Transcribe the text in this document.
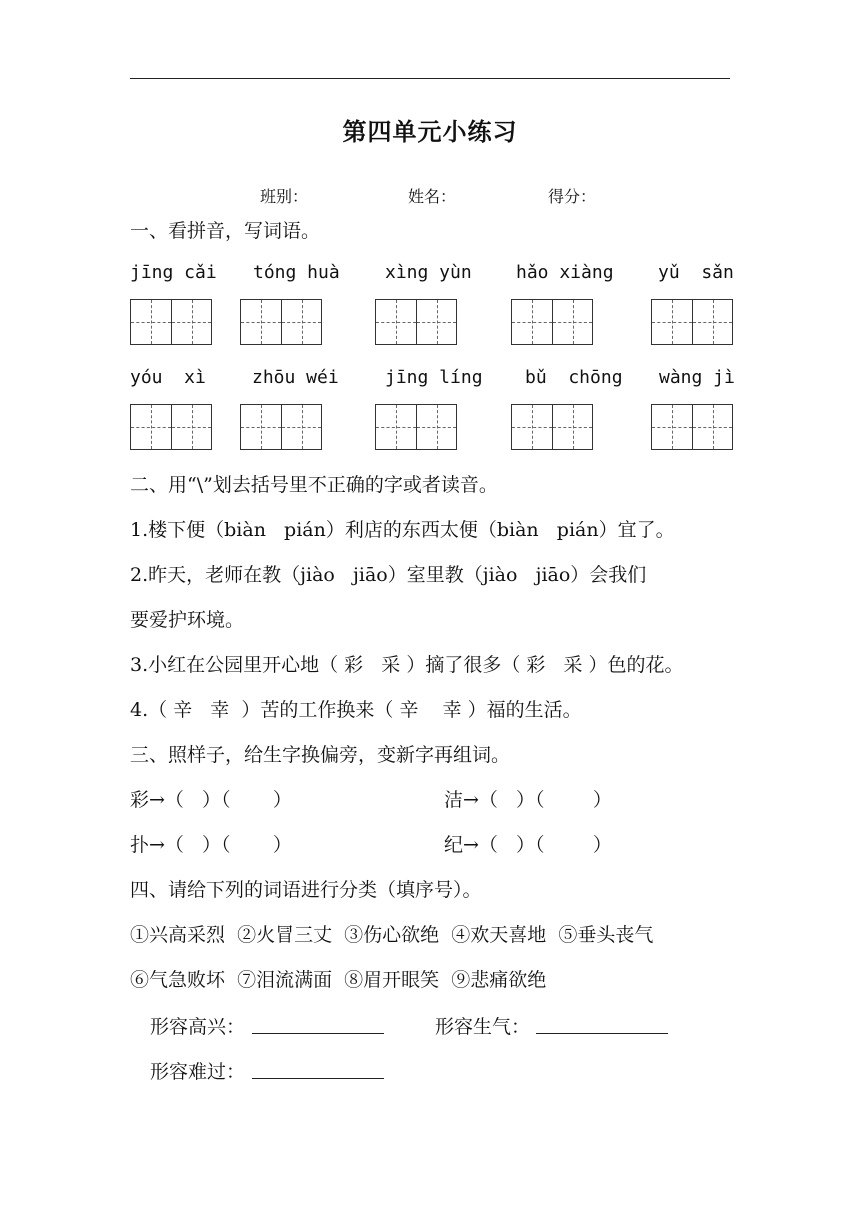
第四单元小练习
班别：	姓名：	得分：
一、看拼音，写词语。
jīng cǎi tóng huà	xìng yùn hǎo xiàng yǔ  sǎn
yóu  xì	zhōu wéi	jīng líng bǔ  chōng wàng jì
二、用“\”划去括号里不正确的字或者读音。
1.楼下便（biàn   pián）利店的东西太便（biàn   pián）宜了。
2.昨天，老师在教（jiào   jiāo）室里教（jiào   jiāo）会我们
要爱护环境。
3.小红在公园里开心地（ 彩   采 ）摘了很多（ 彩   采 ）色的花。
4.（ 辛   幸  ）苦的工作换来（ 辛    幸 ）福的生活。
三、照样子，给生字换偏旁，变新字再组词。
彩→（   ）（       ）	洁→（   ）（        ）
扑→（   ）（       ）	纪→（   ）（        ）
四、请给下列的词语进行分类（填序号）。
①兴高采烈  ②火冒三丈  ③伤心欲绝  ④欢天喜地  ⑤垂头丧气
⑥气急败坏  ⑦泪流满面  ⑧眉开眼笑  ⑨悲痛欲绝
形容高兴：	形容生气：
形容难过：
